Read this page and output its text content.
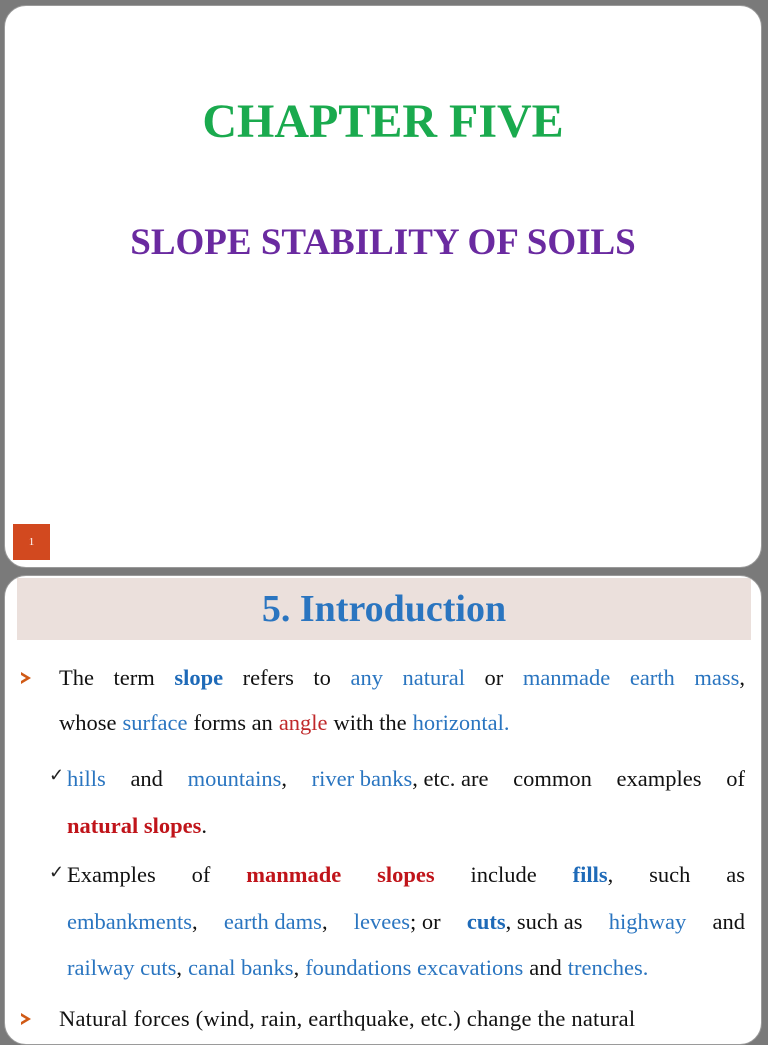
CHAPTER FIVE
SLOPE STABILITY OF SOILS
1
5. Introduction
The term slope refers to any natural or manmade earth mass,
whose surface forms an angle with the horizontal.
✓ hills and mountains, river banks, etc. are common examples of
natural slopes .
✓ Examples of manmade slopes include fills, such as
embankments, earth dams, levees; or cuts, such as highway and
railway cuts, canal banks, foundations excavations and trenches.
Natural forces (wind, rain, earthquake, etc.) change the natural
